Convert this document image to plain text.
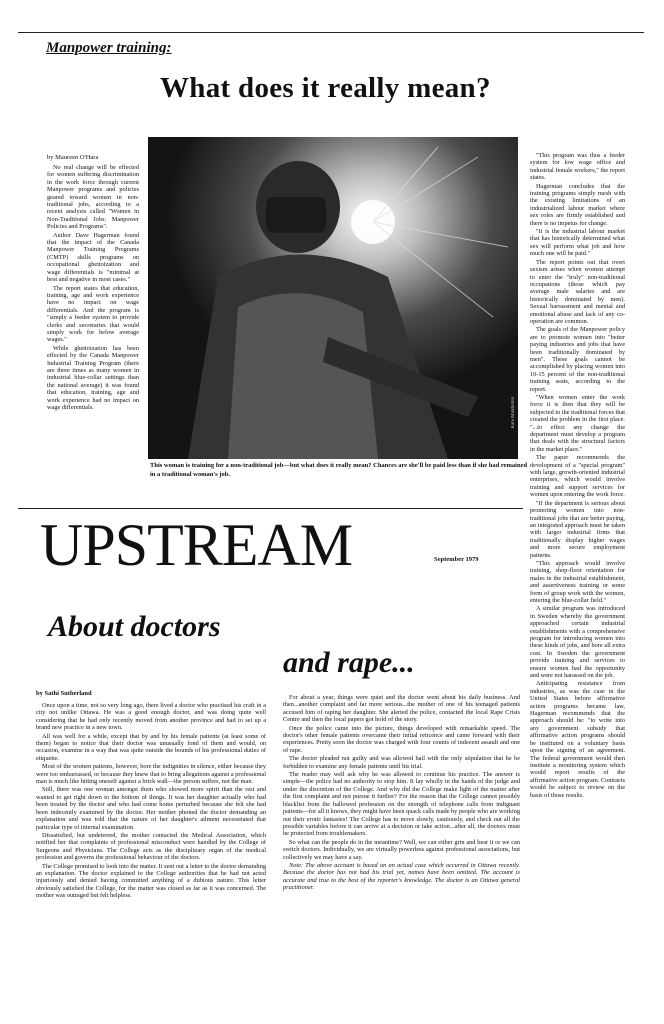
Manpower training:
What does it really mean?
by Maureen O'Hara

No real change will be effected for women suffering discrimination in the work force through current Manpower programs and policies geared toward women in non-traditional jobs, according to a recent analysis called "Women in Non-Traditional Jobs: Manpower Policies and Programs".

Author Dave Hagerman found that the impact of the Canada Manpower Training Programs (CMTP) skills programs on occupational ghettoization and wage differentials is "minimal at best and negative in most cases."

The report states that education, training, age and work experience have no impact on wage differentials. And the program is "simply a feeder system to provide clerks and secretaries that would simply work for below average wages."

While ghettoization has been effected by the Canada Manpower Industrial Training Program (there are three times as many women in industrial blue-collar settings than the national average) it was found that education, training, age and work experience had no impact on wage differentials.	Kate Middleton
This woman is training for a non-traditional job—but what does it really mean? Chances are she'll be paid less than if she had remained in a traditional woman's job.

"This program was thus a feeder system for low wage office and industrial female workers," the report states.

Hagerman concludes that the training programs simply mesh with the existing limitations of an industrialized labour market where sex roles are firmly established and there is no impetus for change.

"It is the industrial labour market that has historically determined what sex will perform what job and how much one will be paid."

The report points out that overt sexism arises when women attempt to enter the "truly" non-traditional occupations (those which pay average male salaries and are historically dominated by men). Sexual harrassment and mental and emotional abuse and lack of any co-operation are common.

The goals of the Manpower policy are to promote women into "better paying industries and jobs that have been traditionally dominated by men". These goals cannot be accomplished by placing women into 10-15 percent of the non-traditional training seats, according to the report.

"When women enter the work force it is then that they will be subjected to the traditional forces that created the problem in the first place. "...to effect any change the department must develop a program that deals with the structural factors in the market place."

The paper recommends the development of a "special program" with large, growth-oriented industrial enterprises, which would involve training and support services for women upon entering the work force.

"If the department is serious about promoting women into non-traditional jobs that are better paying, an integrated approach must be taken with larger industrial firms that traditionally display higher wages and more secure employment patterns.

"This approach would involve training, shop-floor orientation for males in the industrial establishment, and assertiveness training or some form of group work with the women, entering the blue-collar field."

A similar program was introduced in Sweden whereby the government approached certain industrial establishments with a comprehensive program for introducing women into these kinds of jobs, and bore all extra cost. In Sweden the government provide training and services to ensure women had the opportunity and were not harassed on the job.

Anticipating resistance from industries, as was the case in the United States before affirmative action programs became law, Hagerman recommends that the approach should be: "to write into any government subsidy that affirmative action programs should be instituted on a voluntary basis upon the signing of an agreement. The federal government would then institute a monitoring system which would report results of the affirmative action program. Contracts would be subject to review on the basis of those results.

UPSTREAM	September 1979
About doctors
and rape...
by Sathi Sutherland

Once upon a time, not so very long ago, there lived a doctor who practised his craft in a city not unlike Ottawa. He was a good enough doctor, and was doing quite well considering that he had only recently moved from another province and had to set up a brand new practice in a new town.

All was well for a while, except that by and by his female patients (at least some of them) began to notice that their doctor was unusually fond of them and would, on occasion, examine in a way that was quite outside the bounds of his professional duties of etiquette.

Most of the women patients, however, bore the indignities in silence, either because they were too embarrassed, or because they knew that to bring allegations against a professional man is much like hitting oneself against a brick wall—the person suffers, not the man.

Still, there was one woman amongst them who showed more spirit than the rest and wanted to get right down to the bottom of things. It was her daughter actually who had been treated by the doctor and who had come home perturbed because she felt she had been indecently examined by the doctor. Her mother phoned the doctor demanding an explanation and was told that the nature of her daughter's ailment necessitated that particular type of internal examination.

Dissatisfied, but undeterred, the mother contacted the Medical Association, which notified her that complaints of professional misconduct were handled by the College of Surgeons and Physicians. The College acts as the disciplinary organ of the medical profession and governs the professional behaviour of the doctors.

The College promised to look into the matter. It sent out a letter to the doctor demanding an explanation. The doctor explained to the College authorities that he had not acted injuriously and denied having committed anything of a dubious nature. This letter obviously satisfied the College, for the matter was closed as far as it was concerned. The mother was outraged but felt helpless.

For about a year, things were quiet and the doctor went about his daily business. And then...another complaint and far more serious...the mother of one of his teenaged patients accused him of raping her daughter. She alerted the police, contacted the local Rape Crisis Centre and then the local papers got hold of the story.

Once the police came into the picture, things developed with remarkable speed. The doctor's other female patients overcame their initial reticence and came forward with their experiences. Pretty soon the doctor was charged with four counts of indecent assault and one of rape.

The doctor pleaded not guilty and was allowed bail with the only stipulation that he be forbidden to examine any female patients until his trial.

The reader may well ask why he was allowed to continue his practice. The answer is simple—the police had no authority to stop him. It lay wholly in the hands of the judge and under the discretion of the College. And why did the College make light of the matter after the first complaint and not pursue it further? For the reason that the College cannot possibly blacklist from the hallowed profession on the strength of telephone calls from indignant patients—for all it knows, they might have been quack calls made by people who are working out their erotic fantasies! The College has to move slowly, cautiously, and check out all the possible variables before it can arrive at a decision or take action...after all, the doctors must be protected from troublemakers.

So what can the people do in the meantime? Well, we can either grin and bear it or we can switch doctors. Individually, we are virtually powerless against professional associations, but collectively we may have a say.

Note: The above account is based on an actual case which occurred in Ottawa recently. Because the doctor has not had his trial yet, names have been omitted. The account is accurate and true to the best of the reporter's knowledge. The doctor is an Ottawa general practitioner.
